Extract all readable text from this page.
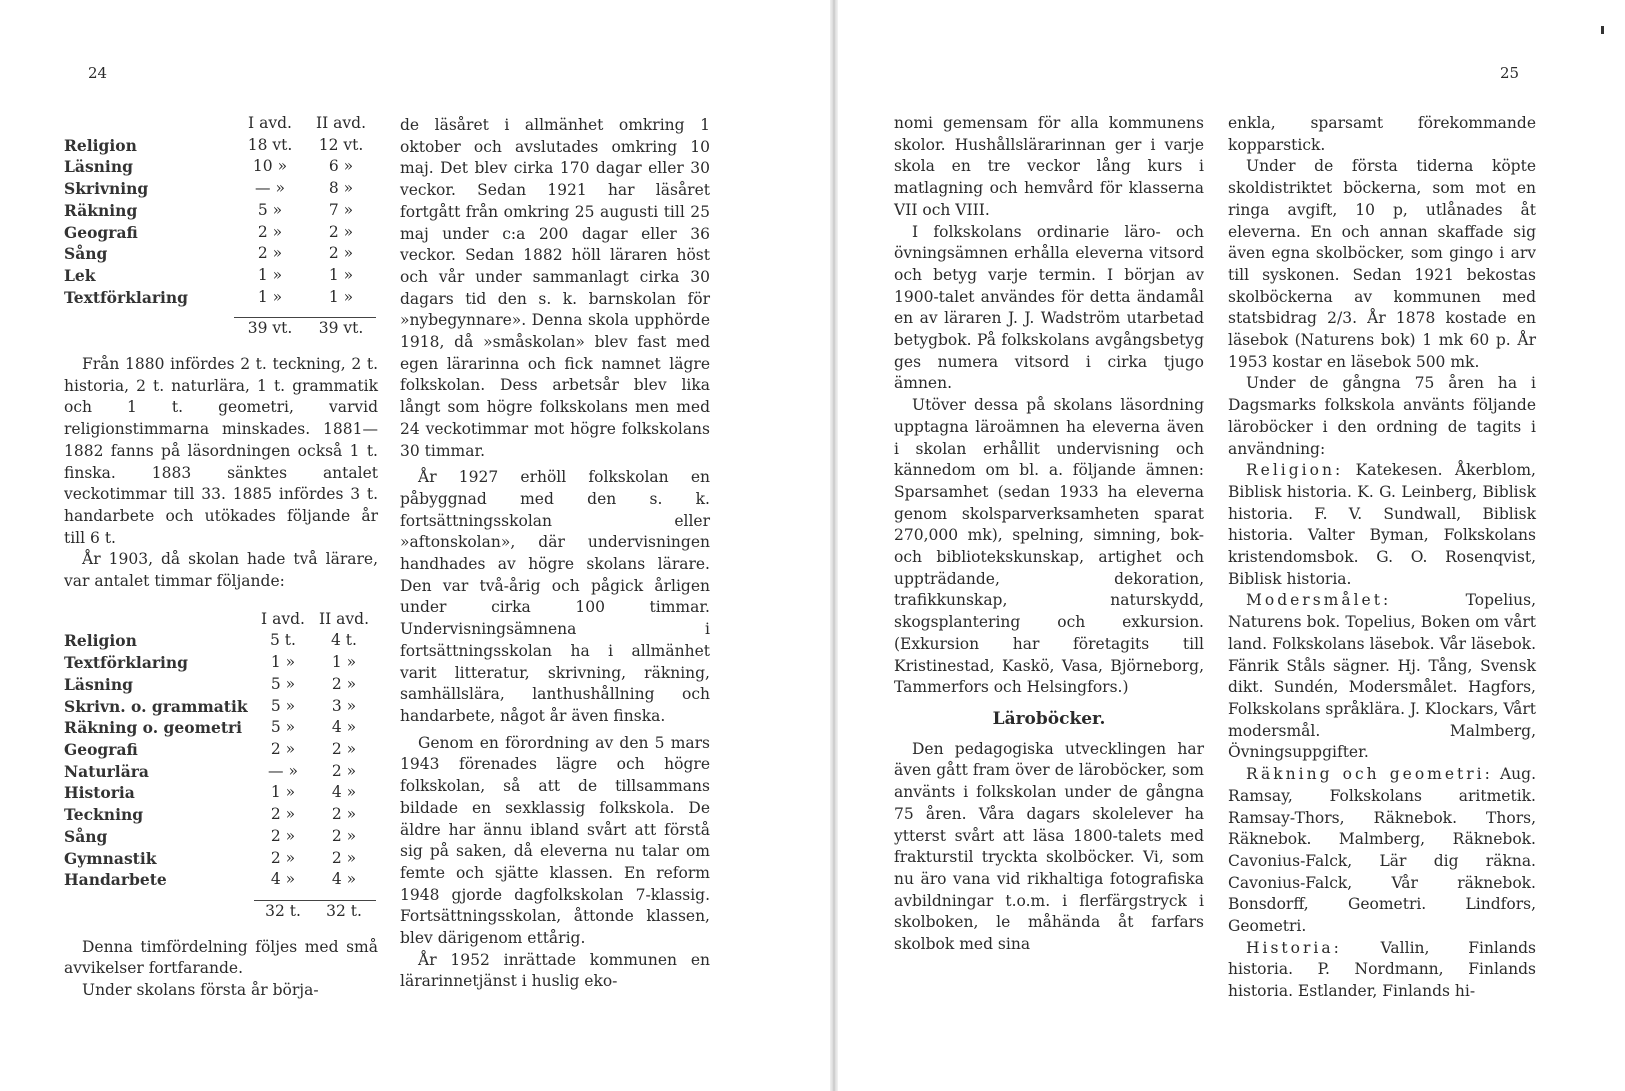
24
	I avd.	II avd.
Religion	18 vt.	12 vt.
Läsning	10 »	6 »
Skrivning	— »	8 »
Räkning	5 »	7 »
Geografi	2 »	2 »
Sång	2 »	2 »
Lek	1 »	1 »
Textförklaring	1 »	1 »

	39 vt.	39 vt.

Från 1880 infördes 2 t. teckning, 2 t. historia, 2 t. naturlära, 1 t. grammatik och 1 t. geometri, varvid religionstimmarna minskades. 1881—1882 fanns på läsordningen också 1 t. finska. 1883 sänktes antalet veckotimmar till 33. 1885 infördes 3 t. handarbete och utökades följande år till 6 t.

År 1903, då skolan hade två lärare, var antalet timmar följande:

	I avd.	II avd.
Religion	5 t.	4 t.
Textförklaring	1 »	1 »
Läsning	5 »	2 »
Skrivn. o. grammatik	5 »	3 »
Räkning o. geometri	5 »	4 »
Geografi	2 »	2 »
Naturlära	— »	2 »
Historia	1 »	4 »
Teckning	2 »	2 »
Sång	2 »	2 »
Gymnastik	2 »	2 »
Handarbete	4 »	4 »

	32 t.	32 t.

Denna timfördelning följes med små avvikelser fortfarande.

Under skolans första år börja-

de läsåret i allmänhet omkring 1 oktober och avslutades omkring 10 maj. Det blev cirka 170 dagar eller 30 veckor. Sedan 1921 har läsåret fortgått från omkring 25 augusti till 25 maj under c:a 200 dagar eller 36 veckor. Sedan 1882 höll läraren höst och vår under sammanlagt cirka 30 dagars tid den s. k. barnskolan för »nybegynnare». Denna skola upphörde 1918, då »småskolan» blev fast med egen lärarinna och fick namnet lägre folkskolan. Dess arbetsår blev lika långt som högre folkskolans men med 24 veckotimmar mot högre folkskolans 30 timmar.

År 1927 erhöll folkskolan en påbyggnad med den s. k. fortsättningsskolan eller »aftonskolan», där undervisningen handhades av högre skolans lärare. Den var två-årig och pågick årligen under cirka 100 timmar. Undervisningsämnena i fortsättningsskolan ha i allmänhet varit litteratur, skrivning, räkning, samhällslära, lanthushållning och handarbete, något år även finska.

Genom en förordning av den 5 mars 1943 förenades lägre och högre folkskolan, så att de tillsammans bildade en sexklassig folkskola. De äldre har ännu ibland svårt att förstå sig på saken, då eleverna nu talar om femte och sjätte klassen. En reform 1948 gjorde dagfolkskolan 7-klassig. Fortsättningsskolan, åttonde klassen, blev därigenom ettårig.

År 1952 inrättade kommunen en lärarinnetjänst i huslig eko-

25

nomi gemensam för alla kommunens skolor. Hushållslärarinnan ger i varje skola en tre veckor lång kurs i matlagning och hemvård för klasserna VII och VIII.

I folkskolans ordinarie läro- och övningsämnen erhålla eleverna vitsord och betyg varje termin. I början av 1900-talet användes för detta ändamål en av läraren J. J. Wadström utarbetad betygbok. På folkskolans avgångsbetyg ges numera vitsord i cirka tjugo ämnen.

Utöver dessa på skolans läsordning upptagna läroämnen ha eleverna även i skolan erhållit undervisning och kännedom om bl. a. följande ämnen: Sparsamhet (sedan 1933 ha eleverna genom skolsparverksamheten sparat 270,000 mk), spelning, simning, bok- och bibliotekskunskap, artighet och uppträdande, dekoration, trafikkunskap, naturskydd, skogsplantering och exkursion. (Exkursion har företagits till Kristinestad, Kaskö, Vasa, Björneborg, Tammerfors och Helsingfors.)

Läroböcker.

Den pedagogiska utvecklingen har även gått fram över de läroböcker, som använts i folkskolan under de gångna 75 åren. Våra dagars skolelever ha ytterst svårt att läsa 1800-talets med frakturstil tryckta skolböcker. Vi, som nu äro vana vid rikhaltiga fotografiska avbildningar t.o.m. i flerfärgstryck i skolboken, le måhända åt farfars skolbok med sina

enkla, sparsamt förekommande kopparstick.

Under de första tiderna köpte skoldistriktet böckerna, som mot en ringa avgift, 10 p, utlånades åt eleverna. En och annan skaffade sig även egna skolböcker, som gingo i arv till syskonen. Sedan 1921 bekostas skolböckerna av kommunen med statsbidrag 2/3. År 1878 kostade en läsebok (Naturens bok) 1 mk 60 p. År 1953 kostar en läsebok 500 mk.

Under de gångna 75 åren ha i Dagsmarks folkskola använts följande läroböcker i den ordning de tagits i användning:

Religion: Katekesen. Åkerblom, Biblisk historia. K. G. Leinberg, Biblisk historia. F. V. Sundwall, Biblisk historia. Valter Byman, Folkskolans kristendomsbok. G. O. Rosenqvist, Biblisk historia.

Modersmålet:	Topelius, Naturens bok. Topelius, Boken om vårt land. Folkskolans läsebok. Vår läsebok. Fänrik Ståls sägner. Hj. Tång, Svensk dikt. Sundén, Modersmålet. Hagfors, Folkskolans språklära. J. Klockars, Vårt modersmål. Malmberg, Övningsuppgifter.

Räkning och geometri: Aug. Ramsay, Folkskolans aritmetik. Ramsay-Thors, Räknebok. Thors, Räknebok. Malmberg, Räknebok. Cavonius-Falck, Lär dig räkna. Cavonius-Falck, Vår räknebok. Bonsdorff, Geometri. Lindfors, Geometri.

Historia:	Vallin, Finlands historia. P. Nordmann, Finlands historia. Estlander, Finlands hi-
